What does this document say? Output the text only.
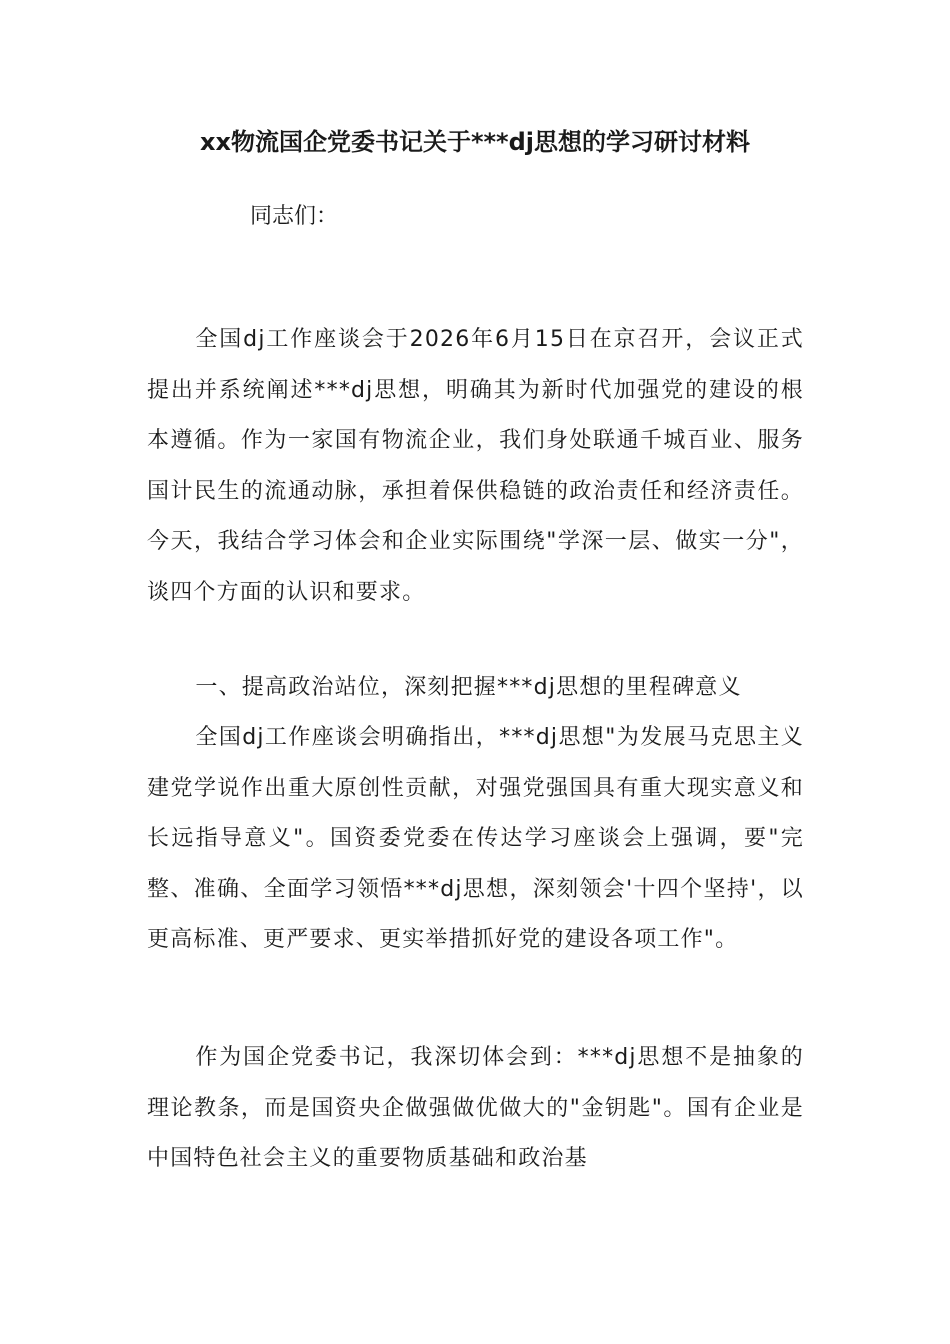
xx物流国企党委书记关于***dj思想的学习研讨材料

同志们：

全国dj工作座谈会于2026年6月15日在京召开，会议正式提出并系统阐述***dj思想，明确其为新时代加强党的建设的根本遵循。作为一家国有物流企业，我们身处联通千城百业、服务国计民生的流通动脉，承担着保供稳链的政治责任和经济责任。今天，我结合学习体会和企业实际围绕"学深一层、做实一分"，谈四个方面的认识和要求。

一、提高政治站位，深刻把握***dj思想的里程碑意义

全国dj工作座谈会明确指出，***dj思想"为发展马克思主义建党学说作出重大原创性贡献，对强党强国具有重大现实意义和长远指导意义"。国资委党委在传达学习座谈会上强调，要"完整、准确、全面学习领悟***dj思想，深刻领会'十四个坚持'，以更高标准、更严要求、更实举措抓好党的建设各项工作"。

作为国企党委书记，我深切体会到：***dj思想不是抽象的理论教条，而是国资央企做强做优做大的"金钥匙"。国有企业是中国特色社会主义的重要物质基础和政治基
